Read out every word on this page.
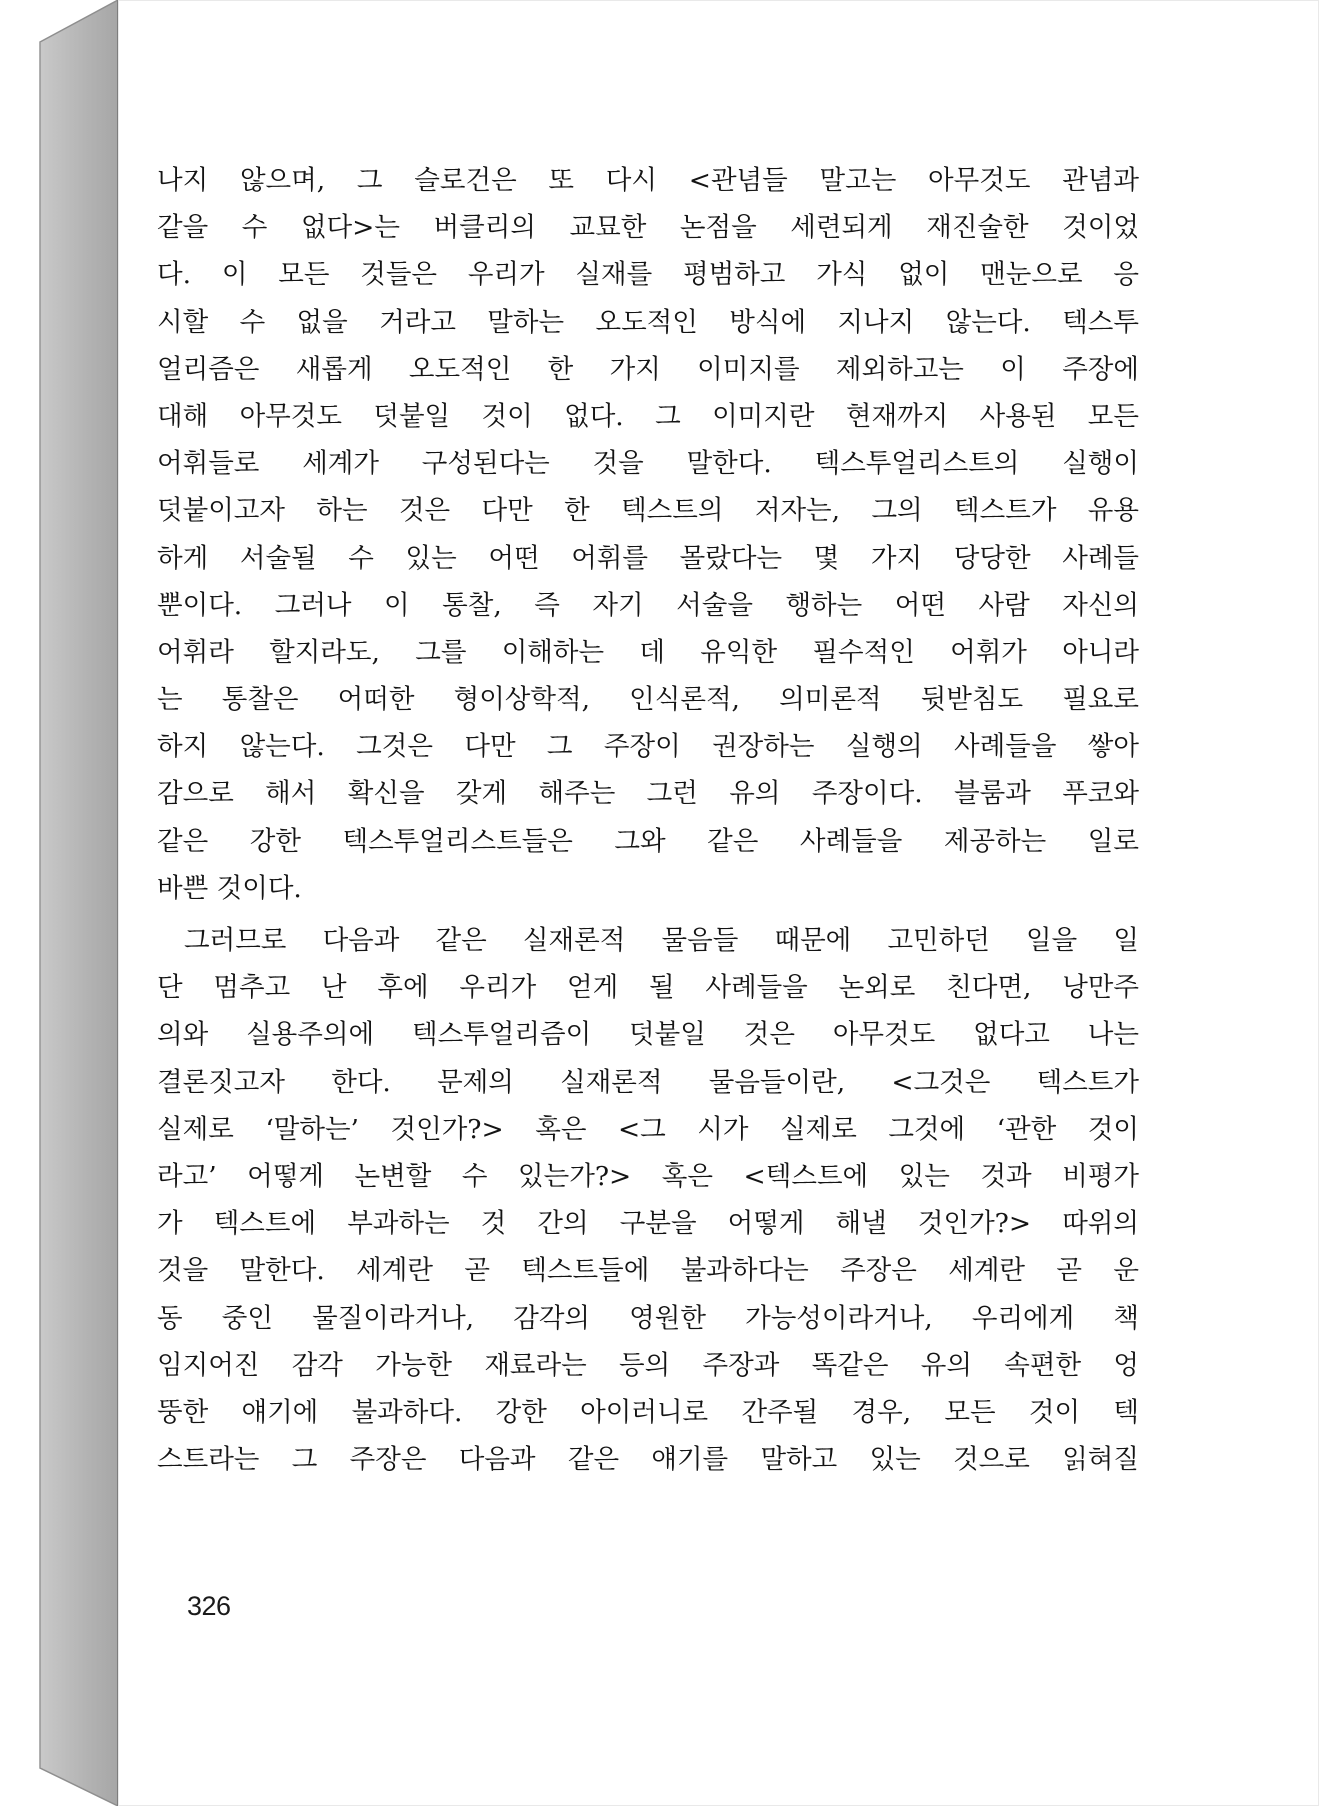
나지 않으며, 그 슬로건은 또 다시 <관념들 말고는 아무것도 관념과
같을 수 없다>는 버클리의 교묘한 논점을 세련되게 재진술한 것이었
다. 이 모든 것들은 우리가 실재를 평범하고 가식 없이 맨눈으로 응
시할 수 없을 거라고 말하는 오도적인 방식에 지나지 않는다. 텍스투
얼리즘은 새롭게 오도적인 한 가지 이미지를 제외하고는 이 주장에
대해 아무것도 덧붙일 것이 없다. 그 이미지란 현재까지 사용된 모든
어휘들로 세계가 구성된다는 것을 말한다. 텍스투얼리스트의 실행이
덧붙이고자 하는 것은 다만 한 텍스트의 저자는, 그의 텍스트가 유용
하게 서술될 수 있는 어떤 어휘를 몰랐다는 몇 가지 당당한 사례들
뿐이다. 그러나 이 통찰, 즉 자기 서술을 행하는 어떤 사람 자신의
어휘라 할지라도, 그를 이해하는 데 유익한 필수적인 어휘가 아니라
는 통찰은 어떠한 형이상학적, 인식론적, 의미론적 뒷받침도 필요로
하지 않는다. 그것은 다만 그 주장이 권장하는 실행의 사례들을 쌓아
감으로 해서 확신을 갖게 해주는 그런 유의 주장이다. 블룸과 푸코와
같은 강한 텍스투얼리스트들은 그와 같은 사례들을 제공하는 일로
바쁜 것이다.
그러므로 다음과 같은 실재론적 물음들 때문에 고민하던 일을 일
단 멈추고 난 후에 우리가 얻게 될 사례들을 논외로 친다면, 낭만주
의와 실용주의에 텍스투얼리즘이 덧붙일 것은 아무것도 없다고 나는
결론짓고자 한다. 문제의 실재론적 물음들이란, <그것은 텍스트가
실제로 ‘말하는’ 것인가?> 혹은 <그 시가 실제로 그것에 ‘관한 것이
라고’ 어떻게 논변할 수 있는가?> 혹은 <텍스트에 있는 것과 비평가
가 텍스트에 부과하는 것 간의 구분을 어떻게 해낼 것인가?> 따위의
것을 말한다. 세계란 곧 텍스트들에 불과하다는 주장은 세계란 곧 운
동 중인 물질이라거나, 감각의 영원한 가능성이라거나, 우리에게 책
임지어진 감각 가능한 재료라는 등의 주장과 똑같은 유의 속편한 엉
뚱한 얘기에 불과하다. 강한 아이러니로 간주될 경우, 모든 것이 텍
스트라는 그 주장은 다음과 같은 얘기를 말하고 있는 것으로 읽혀질
326
